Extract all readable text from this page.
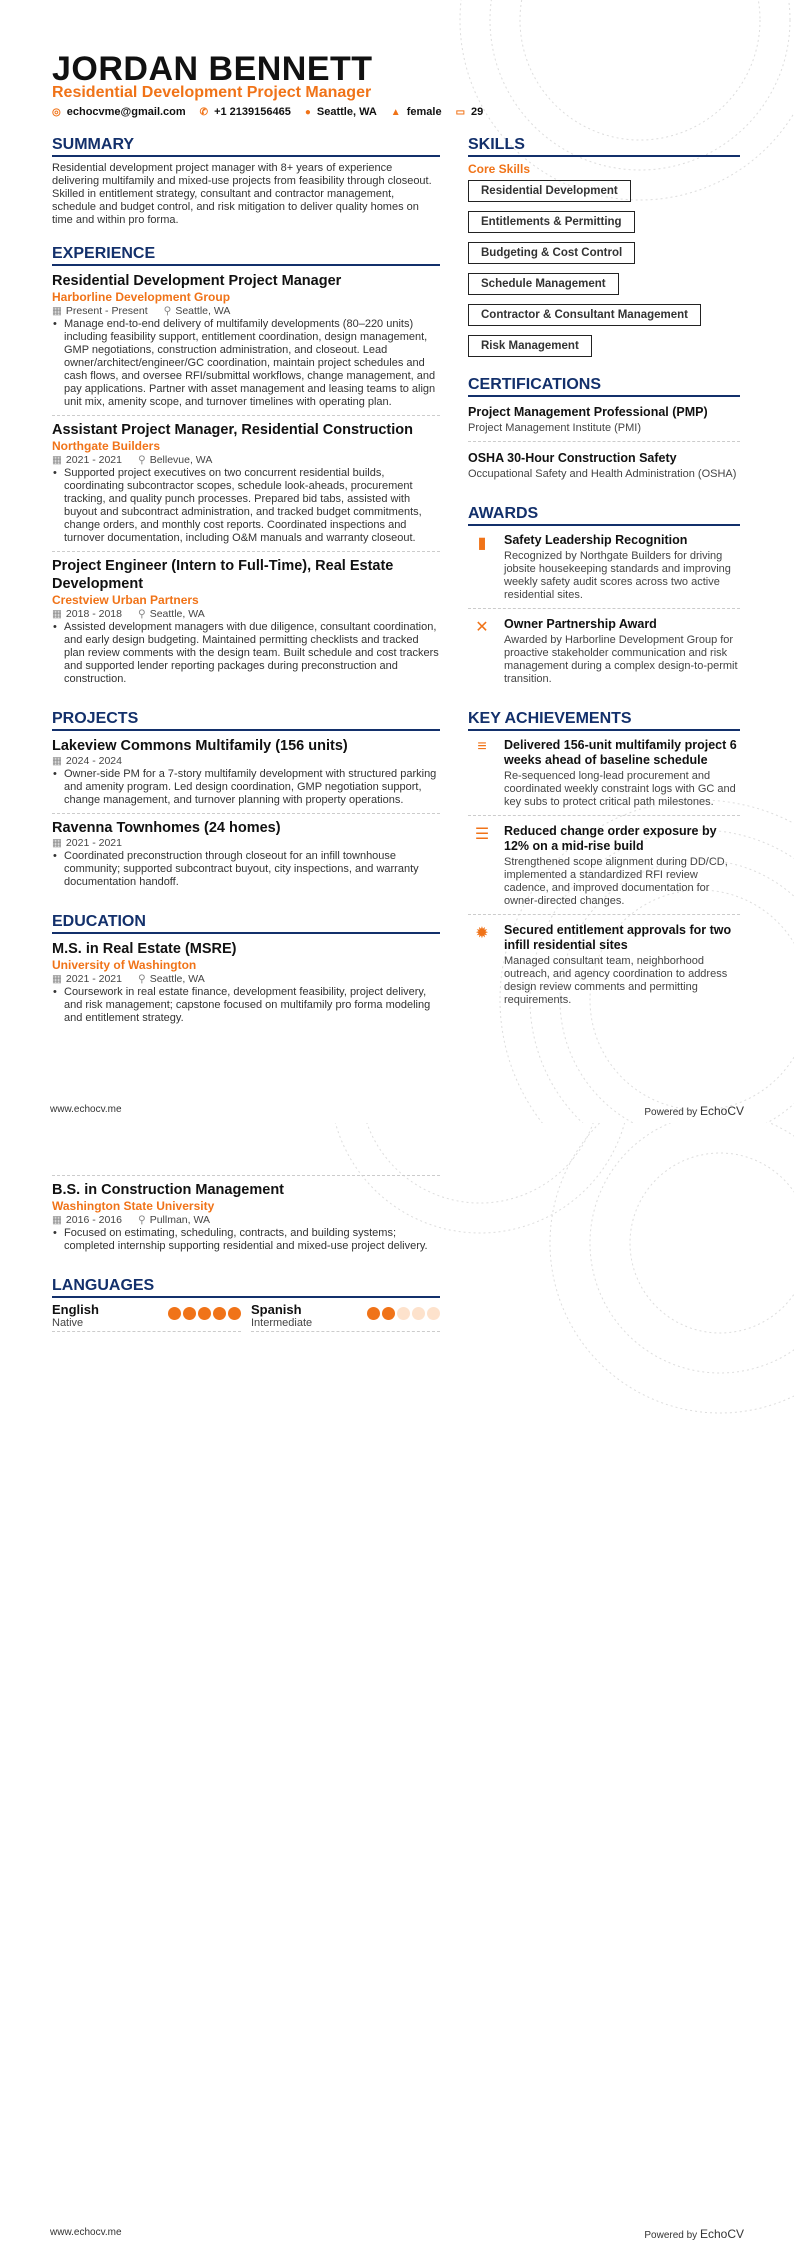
JORDAN BENNETT
Residential Development Project Manager
◎ echocvme@gmail.com ✆ +1 2139156465 ● Seattle, WA ▲ female ▭ 29
SUMMARY

Residential development project manager with 8+ years of experience delivering multifamily and mixed-use projects from feasibility through closeout. Skilled in entitlement strategy, consultant and contractor management, schedule and budget control, and risk mitigation to deliver quality homes on time and within pro forma.

EXPERIENCE
Residential Development Project Manager
Harborline Development Group
▦ Present - Present ⚲ Seattle, WA
• Manage end-to-end delivery of multifamily developments (80–220 units) including feasibility support, entitlement coordination, design management, GMP negotiations, construction administration, and closeout. Lead owner/architect/engineer/GC coordination, maintain project schedules and cash flows, and oversee RFI/submittal workflows, change management, and pay applications. Partner with asset management and leasing teams to align unit mix, amenity scope, and turnover timelines with operating plan.
Assistant Project Manager, Residential Construction
Northgate Builders
▦ 2021 - 2021 ⚲ Bellevue, WA
• Supported project executives on two concurrent residential builds, coordinating subcontractor scopes, schedule look-aheads, procurement tracking, and quality punch processes. Prepared bid tabs, assisted with buyout and subcontract administration, and tracked budget commitments, change orders, and monthly cost reports. Coordinated inspections and turnover documentation, including O&M manuals and warranty closeout.
Project Engineer (Intern to Full-Time), Real Estate Development
Crestview Urban Partners
▦ 2018 - 2018 ⚲ Seattle, WA
• Assisted development managers with due diligence, consultant coordination, and early design budgeting. Maintained permitting checklists and tracked plan review comments with the design team. Built schedule and cost trackers and supported lender reporting packages during preconstruction and construction.
PROJECTS
Lakeview Commons Multifamily (156 units)
▦ 2024 - 2024
• Owner-side PM for a 7-story multifamily development with structured parking and amenity program. Led design coordination, GMP negotiation support, change management, and turnover planning with property operations.
Ravenna Townhomes (24 homes)
▦ 2021 - 2021
• Coordinated preconstruction through closeout for an infill townhouse community; supported subcontract buyout, city inspections, and warranty documentation handoff.
EDUCATION
M.S. in Real Estate (MSRE)
University of Washington
▦ 2021 - 2021 ⚲ Seattle, WA
• Coursework in real estate finance, development feasibility, project delivery, and risk management; capstone focused on multifamily pro forma modeling and entitlement strategy.
SKILLS
Core Skills
Residential Development
Entitlements & Permitting
Budgeting & Cost Control
Schedule Management
Contractor & Consultant Management
Risk Management
CERTIFICATIONS
Project Management Professional (PMP)
Project Management Institute (PMI)
OSHA 30-Hour Construction Safety
Occupational Safety and Health Administration (OSHA)
AWARDS
▮	Safety Leadership Recognition
Recognized by Northgate Builders for driving jobsite housekeeping standards and improving weekly safety audit scores across two active residential sites.
✕ Owner Partnership Award
Awarded by Harborline Development Group for proactive stakeholder communication and risk management during a complex design-to-permit transition.
KEY ACHIEVEMENTS
≡	Delivered 156-unit multifamily project 6 weeks ahead of baseline schedule
Re-sequenced long-lead procurement and coordinated weekly constraint logs with GC and key subs to protect critical path milestones.
☰ Reduced change order exposure by 12% on a mid-rise build
Strengthened scope alignment during DD/CD, implemented a standardized RFI review cadence, and improved documentation for owner-directed changes.
✹ Secured entitlement approvals for two infill residential sites
Managed consultant team, neighborhood outreach, and agency coordination to address design review comments and permitting requirements.
www.echocv.me	Powered by EchoCV
B.S. in Construction Management
Washington State University
▦ 2016 - 2016 ⚲ Pullman, WA
• Focused on estimating, scheduling, contracts, and building systems; completed internship supporting residential and mixed-use project delivery.
LANGUAGES
English
Native
Spanish
Intermediate
www.echocv.me	Powered by EchoCV
